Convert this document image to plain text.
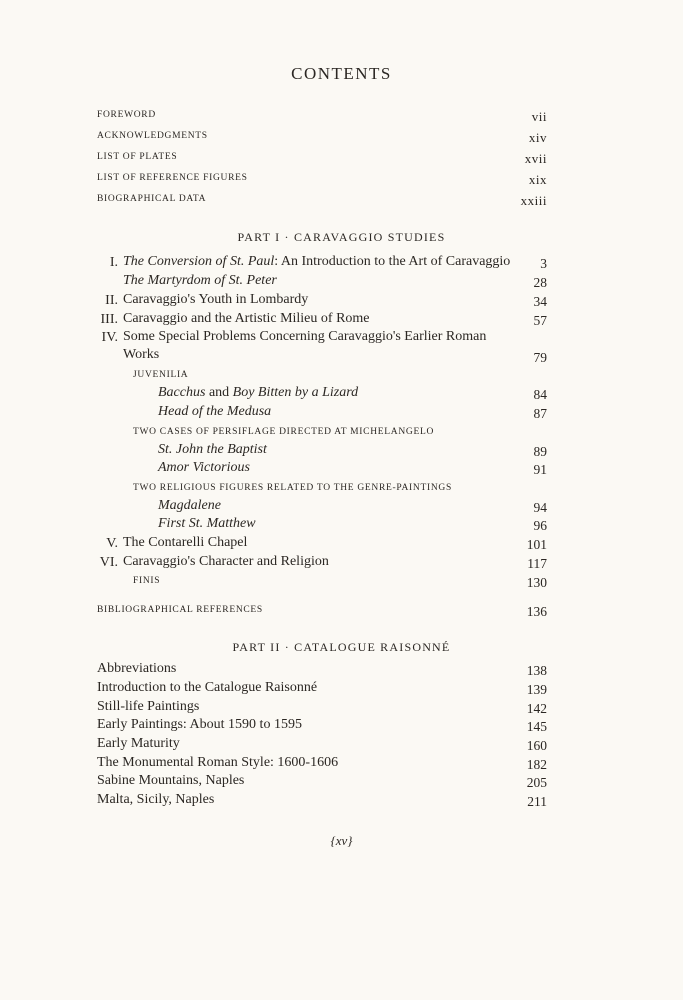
CONTENTS
FOREWORD	vii
ACKNOWLEDGMENTS	xiv
LIST OF PLATES	xvii
LIST OF REFERENCE FIGURES	xix
BIOGRAPHICAL DATA	xxiii
PART I · CARAVAGGIO STUDIES
I. The Conversion of St. Paul: An Introduction to the Art of Caravaggio 3
The Martyrdom of St. Peter	28
II. Caravaggio's Youth in Lombardy	34
III. Caravaggio and the Artistic Milieu of Rome	57
IV. Some Special Problems Concerning Caravaggio's Earlier Roman
Works	79
JUVENILIA
Bacchus and Boy Bitten by a Lizard	84
Head of the Medusa	87
TWO CASES OF PERSIFLAGE DIRECTED AT MICHELANGELO
St. John the Baptist	89
Amor Victorious	91
TWO RELIGIOUS FIGURES RELATED TO THE GENRE-PAINTINGS
Magdalene	94
First St. Matthew	96
V. The Contarelli Chapel	101
VI. Caravaggio's Character and Religion	117
FINIS	130
BIBLIOGRAPHICAL REFERENCES	136
PART II · CATALOGUE RAISONNÉ
Abbreviations	138
Introduction to the Catalogue Raisonné	139
Still-life Paintings	142
Early Paintings: About 1590 to 1595	145
Early Maturity	160
The Monumental Roman Style: 1600-1606	182
Sabine Mountains, Naples	205
Malta, Sicily, Naples	211
{xv}
